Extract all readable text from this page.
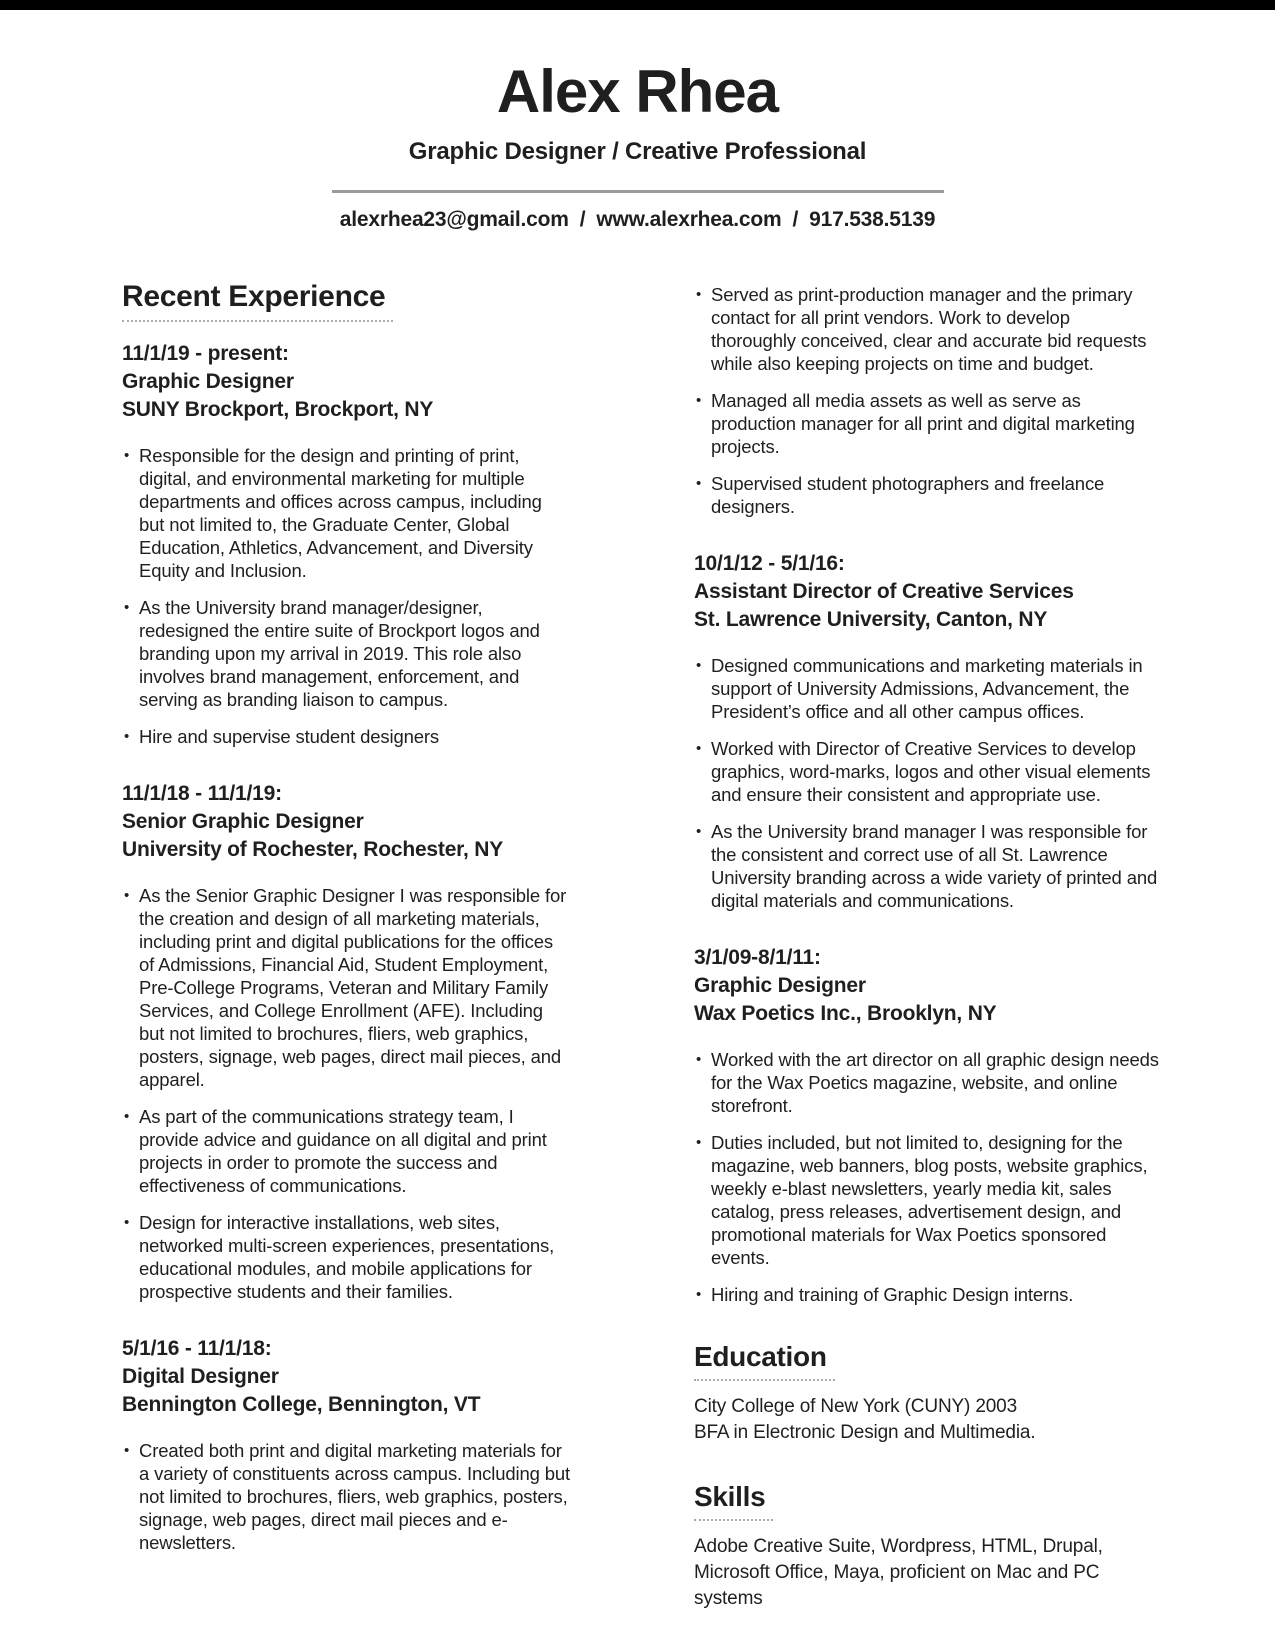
Alex Rhea
Graphic Designer / Creative Professional
alexrhea23@gmail.com / www.alexrhea.com / 917.538.5139
Recent Experience
11/1/19 - present:
Graphic Designer
SUNY Brockport, Brockport, NY
• Responsible for the design and printing of print, digital, and environmental marketing for multiple departments and offices across campus, including but not limited to, the Graduate Center, Global Education, Athletics, Advancement, and Diversity Equity and Inclusion.
• As the University brand manager/designer, redesigned the entire suite of Brockport logos and branding upon my arrival in 2019. This role also involves brand management, enforcement, and serving as branding liaison to campus.
• Hire and supervise student designers
11/1/18 - 11/1/19:
Senior Graphic Designer
University of Rochester, Rochester, NY
• As the Senior Graphic Designer I was responsible for the creation and design of all marketing materials, including print and digital publications for the offices of Admissions, Financial Aid, Student Employment, Pre-College Programs, Veteran and Military Family Services, and College Enrollment (AFE). Including but not limited to brochures, fliers, web graphics, posters, signage, web pages, direct mail pieces, and apparel.
• As part of the communications strategy team, I provide advice and guidance on all digital and print projects in order to promote the success and effectiveness of communications.
• Design for interactive installations, web sites, networked multi-screen experiences, presentations, educational modules, and mobile applications for prospective students and their families.
5/1/16 - 11/1/18:
Digital Designer
Bennington College, Bennington, VT
• Created both print and digital marketing materials for a variety of constituents across campus. Including but not limited to brochures, fliers, web graphics, posters, signage, web pages, direct mail pieces and e-newsletters.
• Served as print-production manager and the primary contact for all print vendors. Work to develop thoroughly conceived, clear and accurate bid requests while also keeping projects on time and budget.
• Managed all media assets as well as serve as production manager for all print and digital marketing projects.
• Supervised student photographers and freelance designers.
10/1/12 - 5/1/16:
Assistant Director of Creative Services
St. Lawrence University, Canton, NY
• Designed communications and marketing materials in support of University Admissions, Advancement, the President’s office and all other campus offices.
• Worked with Director of Creative Services to develop graphics, word-marks, logos and other visual elements and ensure their consistent and appropriate use.
• As the University brand manager I was responsible for the consistent and correct use of all St. Lawrence University branding across a wide variety of printed and digital materials and communications.
3/1/09-8/1/11:
Graphic Designer
Wax Poetics Inc., Brooklyn, NY
• Worked with the art director on all graphic design needs for the Wax Poetics magazine, website, and online storefront.
• Duties included, but not limited to, designing for the magazine, web banners, blog posts, website graphics, weekly e-blast newsletters, yearly media kit, sales catalog, press releases, advertisement design, and promotional materials for Wax Poetics sponsored events.
• Hiring and training of Graphic Design interns.
Education
City College of New York (CUNY) 2003
BFA in Electronic Design and Multimedia.
Skills
Adobe Creative Suite, Wordpress, HTML, Drupal, Microsoft Office, Maya, proficient on Mac and PC systems
